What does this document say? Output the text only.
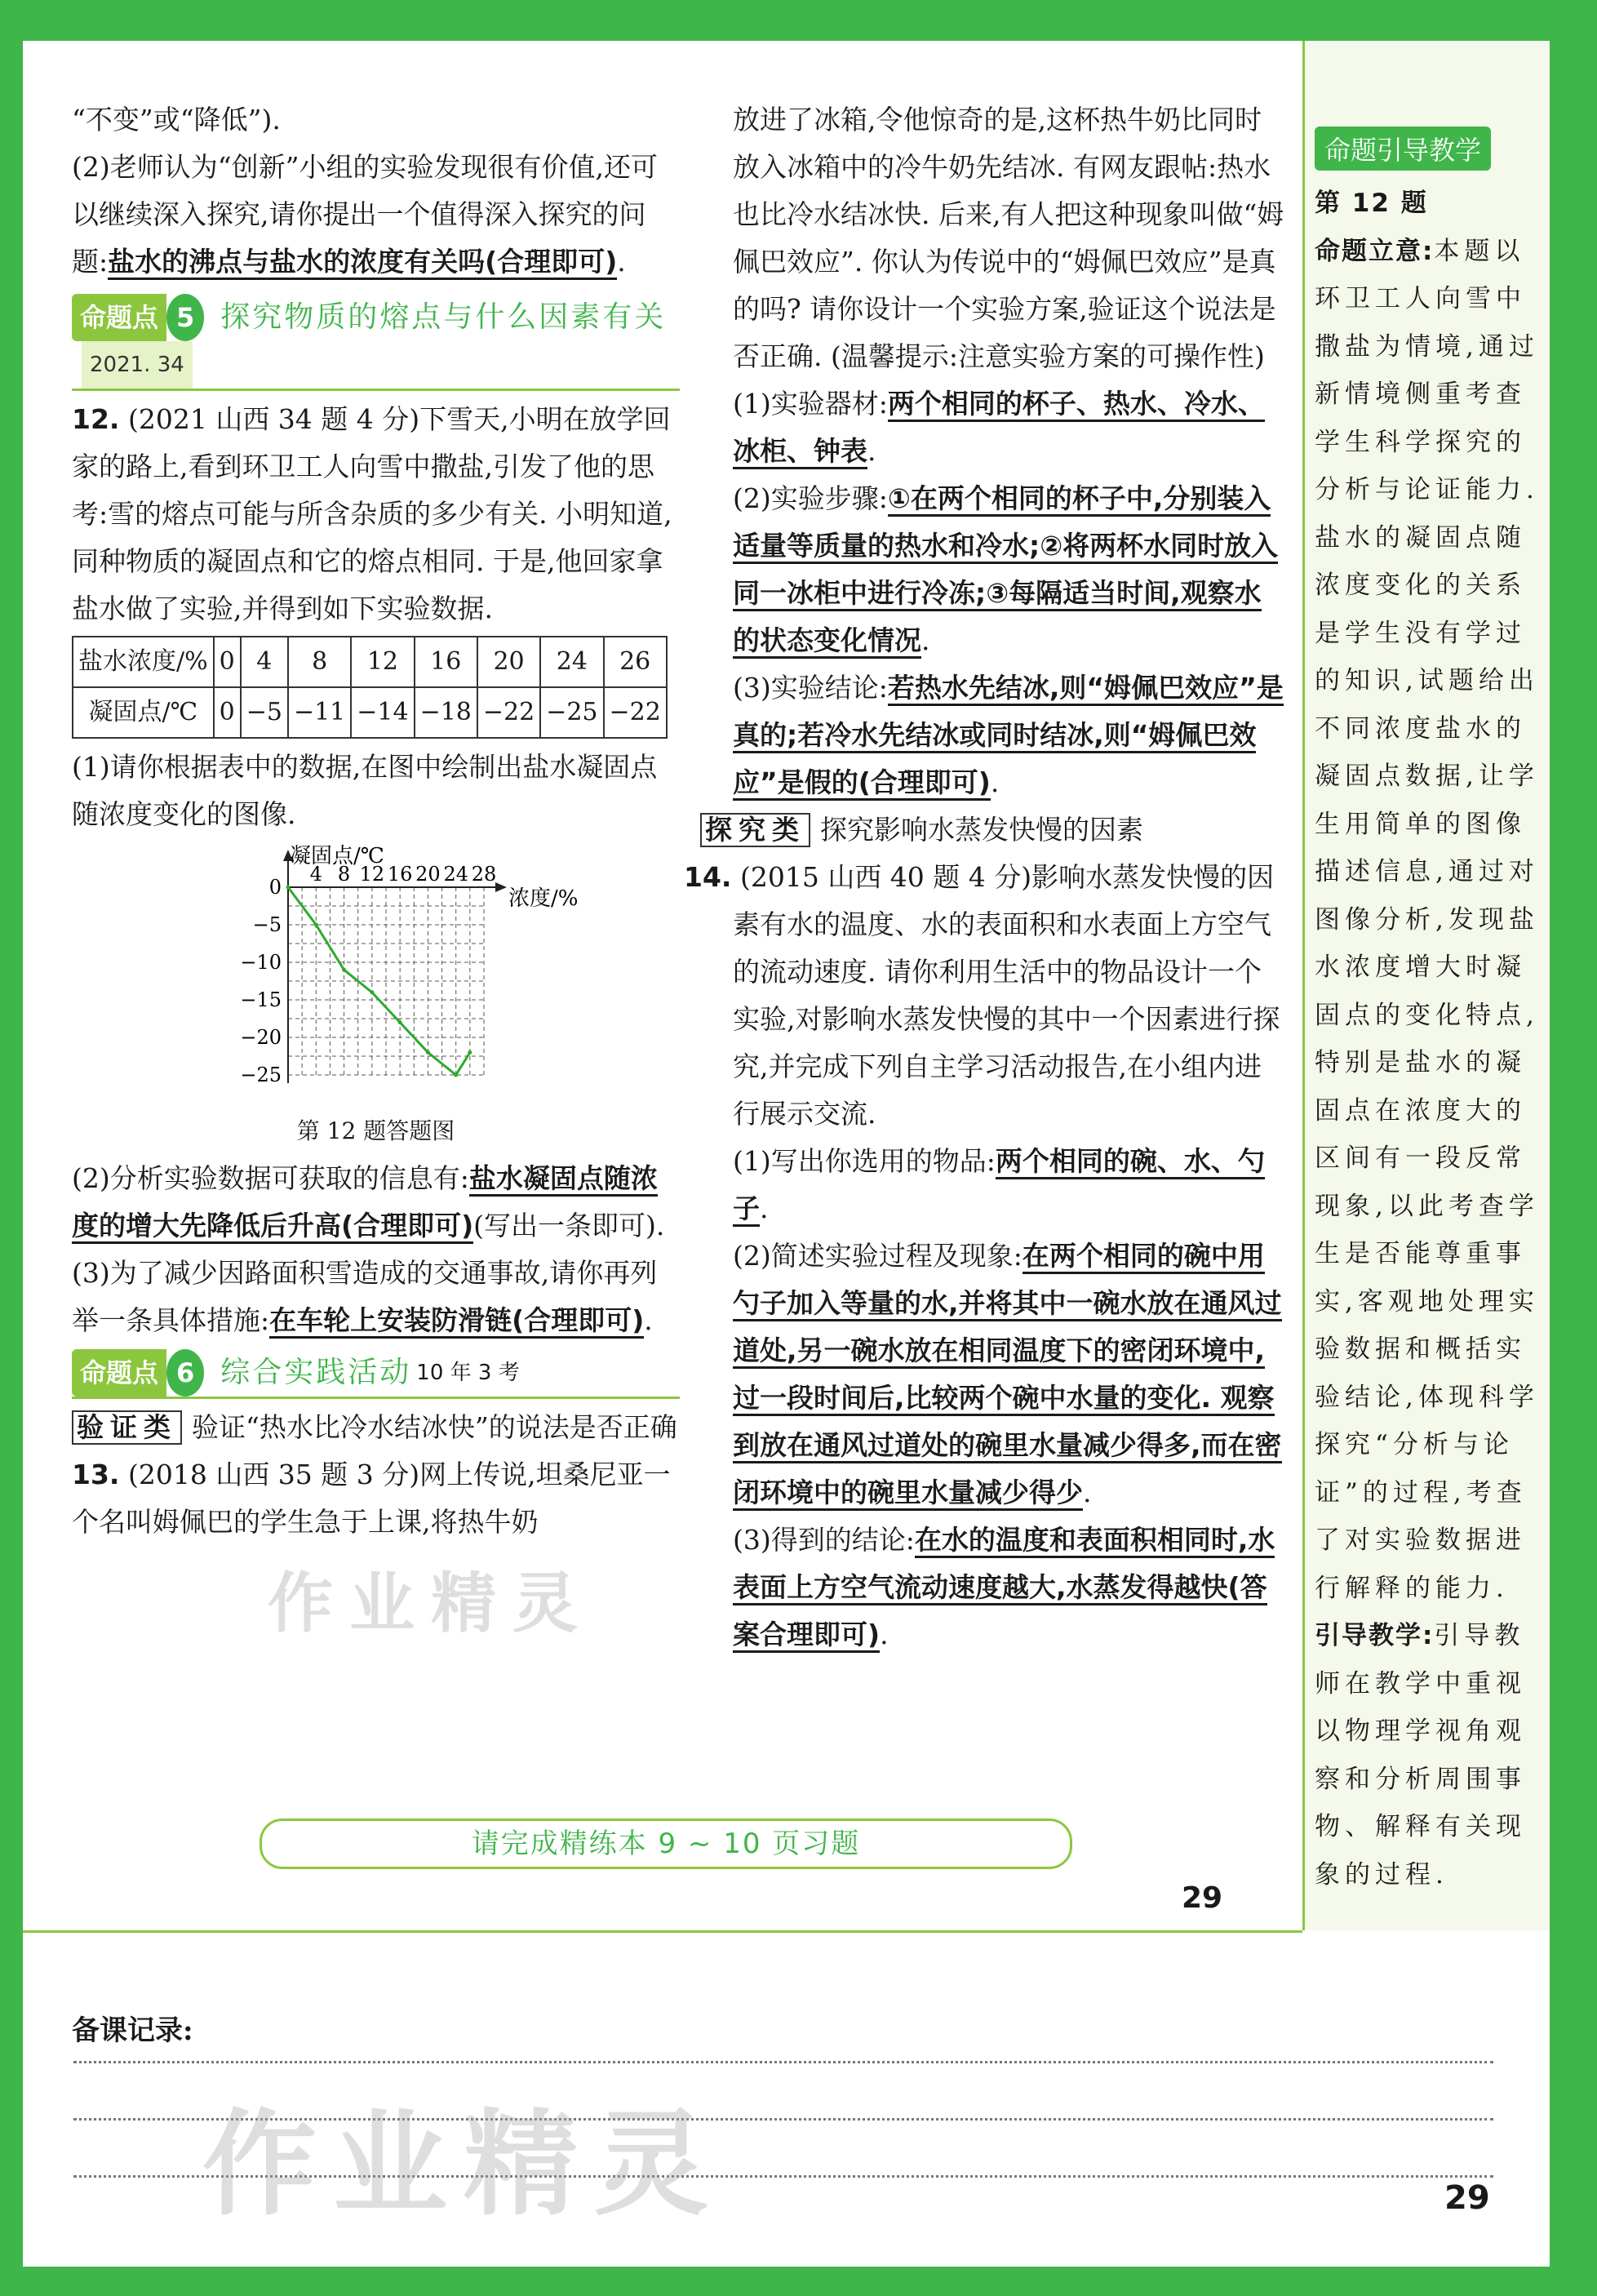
“不变”或“降低”).

(2)老师认为“创新”小组的实验发现很有价值,还可以继续深入探究,请你提出一个值得深入探究的问题:盐水的沸点与盐水的浓度有关吗(合理即可).

命题点 5 探究物质的熔点与什么因素有关
2021. 34

12. (2021 山西 34 题 4 分)下雪天,小明在放学回家的路上,看到环卫工人向雪中撒盐,引发了他的思考:雪的熔点可能与所含杂质的多少有关. 小明知道,同种物质的凝固点和它的熔点相同. 于是,他回家拿盐水做了实验,并得到如下实验数据.

盐水浓度/%	0	4	8	12	16	20	24	26
凝固点/℃	0	−5	−11	−14	−18	−22	−25	−22

(1)请你根据表中的数据,在图中绘制出盐水凝固点随浓度变化的图像.

凝固点/℃
浓度/%
4 8 12 16 20 24 28
0
−5
−10
−15
−20
−25

第 12 题答题图

(2)分析实验数据可获取的信息有:盐水凝固点随浓度的增大先降低后升高(合理即可)(写出一条即可).

(3)为了减少因路面积雪造成的交通事故,请你再列举一条具体措施:在车轮上安装防滑链(合理即可).

命题点 6 综合实践活动 10 年 3 考

验证类 验证“热水比冷水结冰快”的说法是否正确

13. (2018 山西 35 题 3 分)网上传说,坦桑尼亚一个名叫姆佩巴的学生急于上课,将热牛奶

放进了冰箱,令他惊奇的是,这杯热牛奶比同时放入冰箱中的冷牛奶先结冰. 有网友跟帖:热水也比冷水结冰快. 后来,有人把这种现象叫做“姆佩巴效应”. 你认为传说中的“姆佩巴效应”是真的吗? 请你设计一个实验方案,验证这个说法是否正确. (温馨提示:注意实验方案的可操作性)

(1)实验器材:两个相同的杯子、热水、冷水、冰柜、钟表.

(2)实验步骤:①在两个相同的杯子中,分别装入适量等质量的热水和冷水;②将两杯水同时放入同一冰柜中进行冷冻;③每隔适当时间,观察水的状态变化情况.

(3)实验结论:若热水先结冰,则“姆佩巴效应”是真的;若冷水先结冰或同时结冰,则“姆佩巴效应”是假的(合理即可).

探究类 探究影响水蒸发快慢的因素

14. (2015 山西 40 题 4 分)影响水蒸发快慢的因素有水的温度、水的表面积和水表面上方空气的流动速度. 请你利用生活中的物品设计一个实验,对影响水蒸发快慢的其中一个因素进行探究,并完成下列自主学习活动报告,在小组内进行展示交流.

(1)写出你选用的物品:两个相同的碗、水、勺子.

(2)简述实验过程及现象:在两个相同的碗中用勺子加入等量的水,并将其中一碗水放在通风过道处,另一碗水放在相同温度下的密闭环境中,过一段时间后,比较两个碗中水量的变化. 观察到放在通风过道处的碗里水量减少得多,而在密闭环境中的碗里水量减少得少.

(3)得到的结论:在水的温度和表面积相同时,水表面上方空气流动速度越大,水蒸发得越快(答案合理即可).

命题引导教学
第 12 题
命题立意:本题以环卫工人向雪中撒盐为情境,通过新情境侧重考查学生科学探究的分析与论证能力. 盐水的凝固点随浓度变化的关系是学生没有学过的知识,试题给出不同浓度盐水的凝固点数据,让学生用简单的图像描述信息,通过对图像分析,发现盐水浓度增大时凝固点的变化特点,特别是盐水的凝固点在浓度大的区间有一段反常现象,以此考查学生是否能尊重事实,客观地处理实验数据和概括实验结论,体现科学探究“分析与论证”的过程,考查了对实验数据进行解释的能力.
引导教学:引导教师在教学中重视以物理学视角观察和分析周围事物、解释有关现象的过程.
作业精灵
请完成精练本 9 ~ 10 页习题
29
备课记录:
作业精灵	29
